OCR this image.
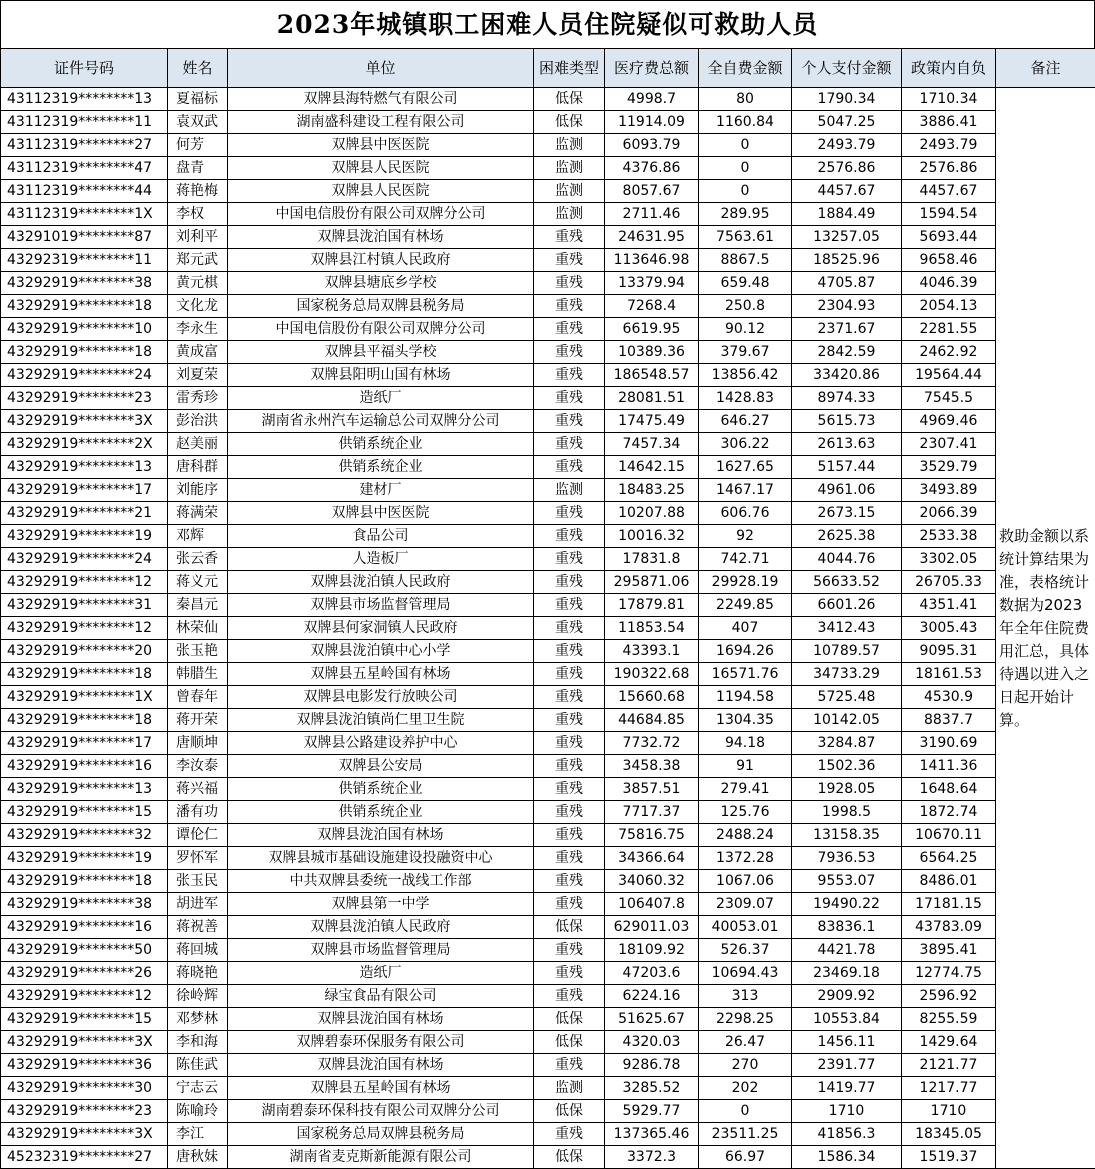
2023年城镇职工困难人员住院疑似可救助人员
证件号码	姓名	单位	困难类型	医疗费总额	全自费金额	个人支付金额	政策内自负	备注
43112319********13	夏福标	双牌县海特燃气有限公司	低保	4998.7	80	1790.34	1710.34	救助金额以系统计算结果为准，表格统计数据为2023年全年住院费用汇总，具体待遇以进入之日起开始计算。
43112319********11	袁双武	湖南盛科建设工程有限公司	低保	11914.09	1160.84	5047.25	3886.41	
43112319********27	何芳	双牌县中医医院	监测	6093.79	0	2493.79	2493.79	
43112319********47	盘青	双牌县人民医院	监测	4376.86	0	2576.86	2576.86	
43112319********44	蒋艳梅	双牌县人民医院	监测	8057.67	0	4457.67	4457.67	
43112319********1X	李权	中国电信股份有限公司双牌分公司	监测	2711.46	289.95	1884.49	1594.54	
43291019********87	刘利平	双牌县泷泊国有林场	重残	24631.95	7563.61	13257.05	5693.44	
43292319********11	郑元武	双牌县江村镇人民政府	重残	113646.98	8867.5	18525.96	9658.46	
43292919********38	黄元棋	双牌县塘底乡学校	重残	13379.94	659.48	4705.87	4046.39	
43292919********18	文化龙	国家税务总局双牌县税务局	重残	7268.4	250.8	2304.93	2054.13	
43292919********10	李永生	中国电信股份有限公司双牌分公司	重残	6619.95	90.12	2371.67	2281.55	
43292919********18	黄成富	双牌县平福头学校	重残	10389.36	379.67	2842.59	2462.92	
43292919********24	刘夏荣	双牌县阳明山国有林场	重残	186548.57	13856.42	33420.86	19564.44	
43292919********23	雷秀珍	造纸厂	重残	28081.51	1428.83	8974.33	7545.5	
43292919********3X	彭治洪	湖南省永州汽车运输总公司双牌分公司	重残	17475.49	646.27	5615.73	4969.46	
43292919********2X	赵美丽	供销系统企业	重残	7457.34	306.22	2613.63	2307.41	
43292919********13	唐科群	供销系统企业	重残	14642.15	1627.65	5157.44	3529.79	
43292919********17	刘能序	建材厂	监测	18483.25	1467.17	4961.06	3493.89	
43292919********21	蒋满荣	双牌县中医医院	重残	10207.88	606.76	2673.15	2066.39	
43292919********19	邓辉	食品公司	重残	10016.32	92	2625.38	2533.38	
43292919********24	张云香	人造板厂	重残	17831.8	742.71	4044.76	3302.05	
43292919********12	蒋义元	双牌县泷泊镇人民政府	重残	295871.06	29928.19	56633.52	26705.33	
43292919********31	秦昌元	双牌县市场监督管理局	重残	17879.81	2249.85	6601.26	4351.41	
43292919********12	林荣仙	双牌县何家洞镇人民政府	重残	11853.54	407	3412.43	3005.43	
43292919********20	张玉艳	双牌县泷泊镇中心小学	重残	43393.1	1694.26	10789.57	9095.31	
43292919********18	韩腊生	双牌县五星岭国有林场	重残	190322.68	16571.76	34733.29	18161.53	
43292919********1X	曾春年	双牌县电影发行放映公司	重残	15660.68	1194.58	5725.48	4530.9	
43292919********18	蒋开荣	双牌县泷泊镇尚仁里卫生院	重残	44684.85	1304.35	10142.05	8837.7	
43292919********17	唐顺坤	双牌县公路建设养护中心	重残	7732.72	94.18	3284.87	3190.69	
43292919********16	李汝泰	双牌县公安局	重残	3458.38	91	1502.36	1411.36	
43292919********13	蒋兴福	供销系统企业	重残	3857.51	279.41	1928.05	1648.64	
43292919********15	潘有功	供销系统企业	重残	7717.37	125.76	1998.5	1872.74	
43292919********32	谭伦仁	双牌县泷泊国有林场	重残	75816.75	2488.24	13158.35	10670.11	
43292919********19	罗怀军	双牌县城市基础设施建设投融资中心	重残	34366.64	1372.28	7936.53	6564.25	
43292919********18	张玉民	中共双牌县委统一战线工作部	重残	34060.32	1067.06	9553.07	8486.01	
43292919********38	胡进军	双牌县第一中学	重残	106407.8	2309.07	19490.22	17181.15	
43292919********16	蒋祝善	双牌县泷泊镇人民政府	低保	629011.03	40053.01	83836.1	43783.09	
43292919********50	蒋回城	双牌县市场监督管理局	重残	18109.92	526.37	4421.78	3895.41	
43292919********26	蒋晓艳	造纸厂	重残	47203.6	10694.43	23469.18	12774.75	
43292919********12	徐岭辉	绿宝食品有限公司	重残	6224.16	313	2909.92	2596.92	
43292919********15	邓梦林	双牌县泷泊国有林场	低保	51625.67	2298.25	10553.84	8255.59	
43292919********3X	李和海	双牌碧泰环保服务有限公司	低保	4320.03	26.47	1456.11	1429.64	
43292919********36	陈佳武	双牌县泷泊国有林场	重残	9286.78	270	2391.77	2121.77	
43292919********30	宁志云	双牌县五星岭国有林场	监测	3285.52	202	1419.77	1217.77	
43292919********23	陈喻玲	湖南碧泰环保科技有限公司双牌分公司	低保	5929.77	0	1710	1710	
43292919********3X	李江	国家税务总局双牌县税务局	重残	137365.46	23511.25	41856.3	18345.05	
45232319********27	唐秋妹	湖南省麦克斯新能源有限公司	低保	3372.3	66.97	1586.34	1519.37	
